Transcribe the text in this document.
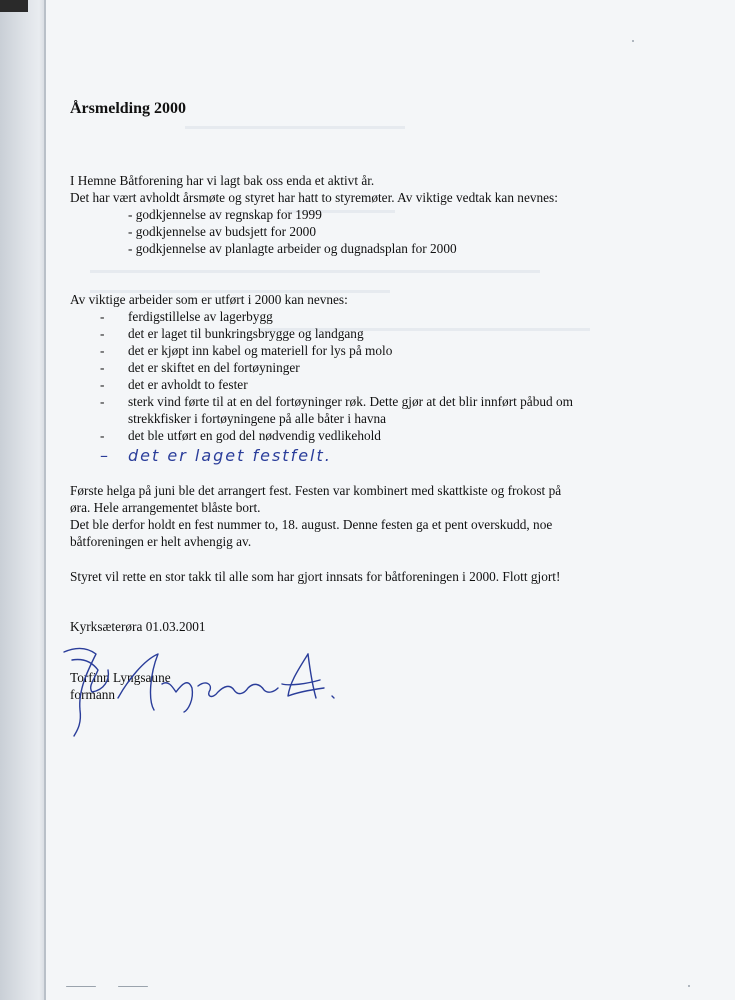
Årsmelding 2000
I Hemne Båtforening har vi lagt bak oss enda et aktivt år.
Det har vært avholdt årsmøte og styret har hatt to styremøter. Av viktige vedtak kan nevnes:
- godkjennelse av regnskap for 1999
- godkjennelse av budsjett for 2000
- godkjennelse av planlagte arbeider og dugnadsplan for 2000
Av viktige arbeider som er utført i 2000 kan nevnes:
- ferdigstillelse av lagerbygg
- det er laget til bunkringsbrygge og landgang
- det er kjøpt inn kabel og materiell for lys på molo
- det er skiftet en del fortøyninger
- det er avholdt to fester
- sterk vind førte til at en del fortøyninger røk. Dette gjør at det blir innført påbud om
strekkfisker i fortøyningene på alle båter i havna
- det ble utført en god del nødvendig vedlikehold
– det er laget festfelt.
Første helga på juni ble det arrangert fest. Festen var kombinert med skattkiste og frokost på
øra. Hele arrangementet blåste bort.
Det ble derfor holdt en fest nummer to, 18. august. Denne festen ga et pent overskudd, noe
båtforeningen er helt avhengig av.
Styret vil rette en stor takk til alle som har gjort innsats for båtforeningen i 2000. Flott gjort!
Kyrksæterøra 01.03.2001
Torfinn Lyngsaune
formann
